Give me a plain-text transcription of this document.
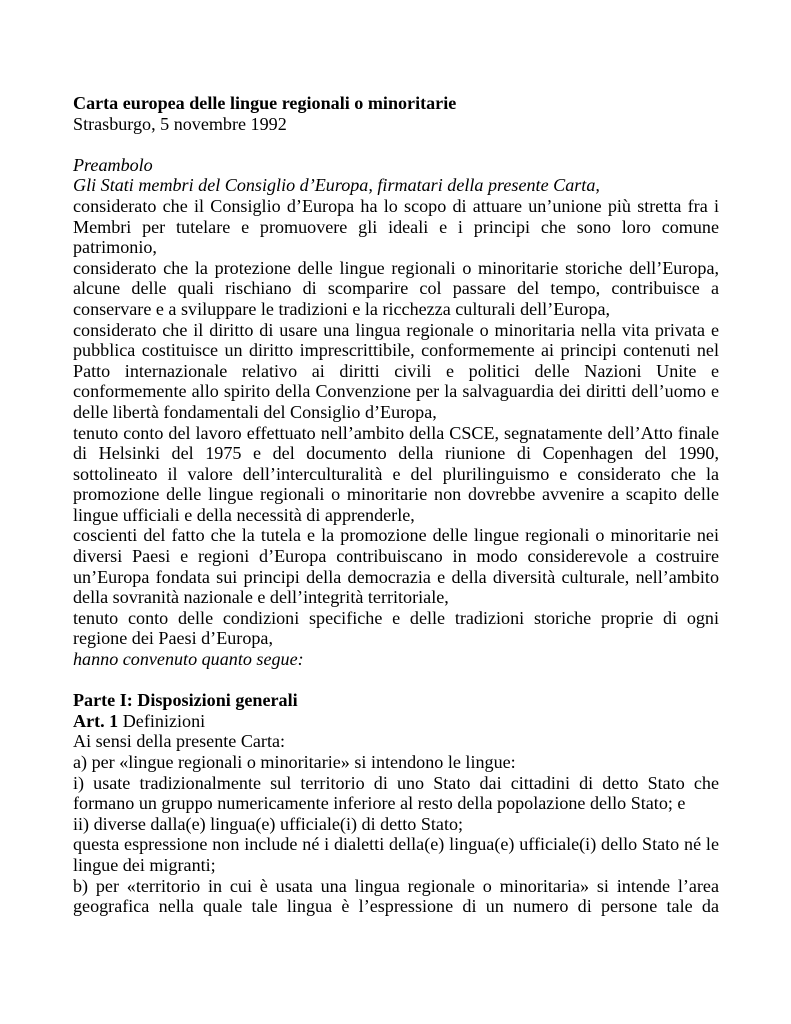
Carta europea delle lingue regionali o minoritarie
Strasburgo, 5 novembre 1992
Preambolo
Gli Stati membri del Consiglio d’Europa, firmatari della presente Carta,
considerato che il Consiglio d’Europa ha lo scopo di attuare un’unione più stretta fra i
Membri per tutelare e promuovere gli ideali e i principi che sono loro comune
patrimonio,
considerato che la protezione delle lingue regionali o minoritarie storiche dell’Europa,
alcune delle quali rischiano di scomparire col passare del tempo, contribuisce a
conservare e a sviluppare le tradizioni e la ricchezza culturali dell’Europa,
considerato che il diritto di usare una lingua regionale o minoritaria nella vita privata e
pubblica costituisce un diritto imprescrittibile, conformemente ai principi contenuti nel
Patto internazionale relativo ai diritti civili e politici delle Nazioni Unite e
conformemente allo spirito della Convenzione per la salvaguardia dei diritti dell’uomo e
delle libertà fondamentali del Consiglio d’Europa,
tenuto conto del lavoro effettuato nell’ambito della CSCE, segnatamente dell’Atto finale
di Helsinki del 1975 e del documento della riunione di Copenhagen del 1990,
sottolineato il valore dell’interculturalità e del plurilinguismo e considerato che la
promozione delle lingue regionali o minoritarie non dovrebbe avvenire a scapito delle
lingue ufficiali e della necessità di apprenderle,
coscienti del fatto che la tutela e la promozione delle lingue regionali o minoritarie nei
diversi Paesi e regioni d’Europa contribuiscano in modo considerevole a costruire
un’Europa fondata sui principi della democrazia e della diversità culturale, nell’ambito
della sovranità nazionale e dell’integrità territoriale,
tenuto conto delle condizioni specifiche e delle tradizioni storiche proprie di ogni
regione dei Paesi d’Europa,
hanno convenuto quanto segue:
Parte I: Disposizioni generali
Art. 1 Definizioni
Ai sensi della presente Carta:
a) per «lingue regionali o minoritarie» si intendono le lingue:
i) usate tradizionalmente sul territorio di uno Stato dai cittadini di detto Stato che
formano un gruppo numericamente inferiore al resto della popolazione dello Stato; e
ii) diverse dalla(e) lingua(e) ufficiale(i) di detto Stato;
questa espressione non include né i dialetti della(e) lingua(e) ufficiale(i) dello Stato né le
lingue dei migranti;
b) per «territorio in cui è usata una lingua regionale o minoritaria» si intende l’area
geografica nella quale tale lingua è l’espressione di un numero di persone tale da
